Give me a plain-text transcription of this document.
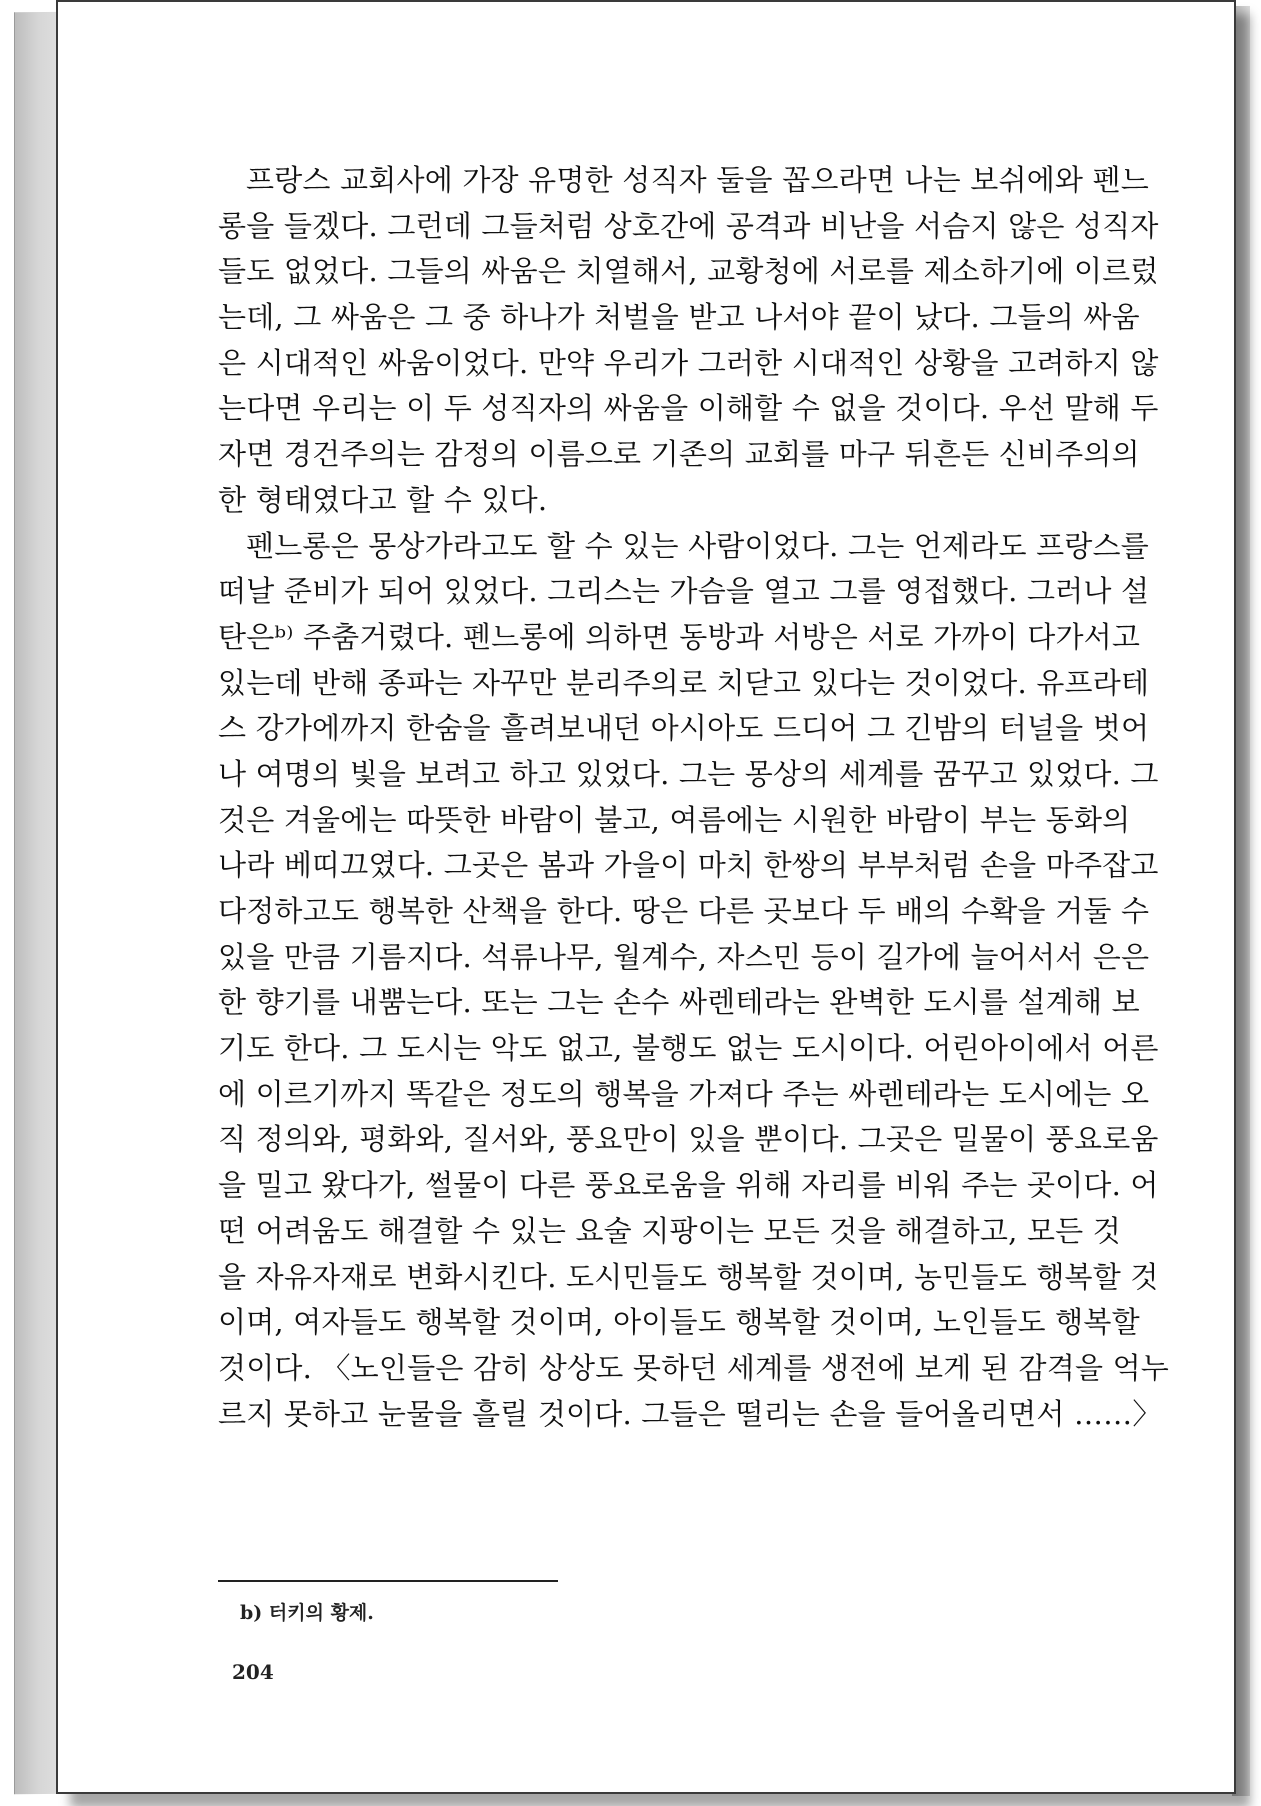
프랑스 교회사에 가장 유명한 성직자 둘을 꼽으라면 나는 보쉬에와 펜느
롱을 들겠다. 그런데 그들처럼 상호간에 공격과 비난을 서슴지 않은 성직자
들도 없었다. 그들의 싸움은 치열해서, 교황청에 서로를 제소하기에 이르렀
는데, 그 싸움은 그 중 하나가 처벌을 받고 나서야 끝이 났다. 그들의 싸움
은 시대적인 싸움이었다. 만약 우리가 그러한 시대적인 상황을 고려하지 않
는다면 우리는 이 두 성직자의 싸움을 이해할 수 없을 것이다. 우선 말해 두
자면 경건주의는 감정의 이름으로 기존의 교회를 마구 뒤흔든 신비주의의
한 형태였다고 할 수 있다.
펜느롱은 몽상가라고도 할 수 있는 사람이었다. 그는 언제라도 프랑스를
떠날 준비가 되어 있었다. 그리스는 가슴을 열고 그를 영접했다. 그러나 설
탄은ᵇ⁾ 주춤거렸다. 펜느롱에 의하면 동방과 서방은 서로 가까이 다가서고
있는데 반해 종파는 자꾸만 분리주의로 치닫고 있다는 것이었다. 유프라테
스 강가에까지 한숨을 흘려보내던 아시아도 드디어 그 긴밤의 터널을 벗어
나 여명의 빛을 보려고 하고 있었다. 그는 몽상의 세계를 꿈꾸고 있었다. 그
것은 겨울에는 따뜻한 바람이 불고, 여름에는 시원한 바람이 부는 동화의
나라 베띠끄였다. 그곳은 봄과 가을이 마치 한쌍의 부부처럼 손을 마주잡고
다정하고도 행복한 산책을 한다. 땅은 다른 곳보다 두 배의 수확을 거둘 수
있을 만큼 기름지다. 석류나무, 월계수, 자스민 등이 길가에 늘어서서 은은
한 향기를 내뿜는다. 또는 그는 손수 싸렌테라는 완벽한 도시를 설계해 보
기도 한다. 그 도시는 악도 없고, 불행도 없는 도시이다. 어린아이에서 어른
에 이르기까지 똑같은 정도의 행복을 가져다 주는 싸렌테라는 도시에는 오
직 정의와, 평화와, 질서와, 풍요만이 있을 뿐이다. 그곳은 밀물이 풍요로움
을 밀고 왔다가, 썰물이 다른 풍요로움을 위해 자리를 비워 주는 곳이다. 어
떤 어려움도 해결할 수 있는 요술 지팡이는 모든 것을 해결하고, 모든 것
을 자유자재로 변화시킨다. 도시민들도 행복할 것이며, 농민들도 행복할 것
이며, 여자들도 행복할 것이며, 아이들도 행복할 것이며, 노인들도 행복할
것이다. 〈노인들은 감히 상상도 못하던 세계를 생전에 보게 된 감격을 억누
르지 못하고 눈물을 흘릴 것이다. 그들은 떨리는 손을 들어올리면서 ……〉
b) 터키의 황제.
204
